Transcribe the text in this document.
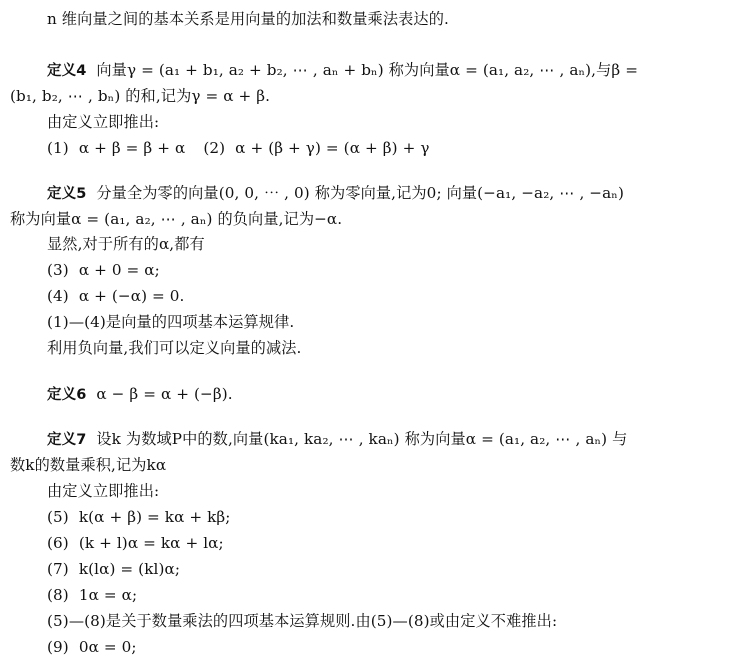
n 维向量之间的基本关系是用向量的加法和数量乘法表达的.
定义4 向量γ = (a₁ + b₁, a₂ + b₂, ⋯ , aₙ + bₙ) 称为向量α = (a₁, a₂, ⋯ , aₙ),与β =
(b₁, b₂, ⋯ , bₙ) 的和,记为γ = α + β.
由定义立即推出:
(1) α + β = β + α (2) α + (β + γ) = (α + β) + γ
定义5 分量全为零的向量(0, 0, ⋯ , 0) 称为零向量,记为0; 向量(−a₁, −a₂, ⋯ , −aₙ)
称为向量α = (a₁, a₂, ⋯ , aₙ) 的负向量,记为−α.
显然,对于所有的α,都有
(3) α + 0 = α;
(4) α + (−α) = 0.
(1)—(4)是向量的四项基本运算规律.
利用负向量,我们可以定义向量的减法.
定义6 α − β = α + (−β).
定义7 设k 为数域P中的数,向量(ka₁, ka₂, ⋯ , kaₙ) 称为向量α = (a₁, a₂, ⋯ , aₙ) 与
数k的数量乘积,记为kα
由定义立即推出:
(5) k(α + β) = kα + kβ;
(6) (k + l)α = kα + lα;
(7) k(lα) = (kl)α;
(8) 1α = α;
(5)—(8)是关于数量乘法的四项基本运算规则.由(5)—(8)或由定义不难推出:
(9) 0α = 0;
